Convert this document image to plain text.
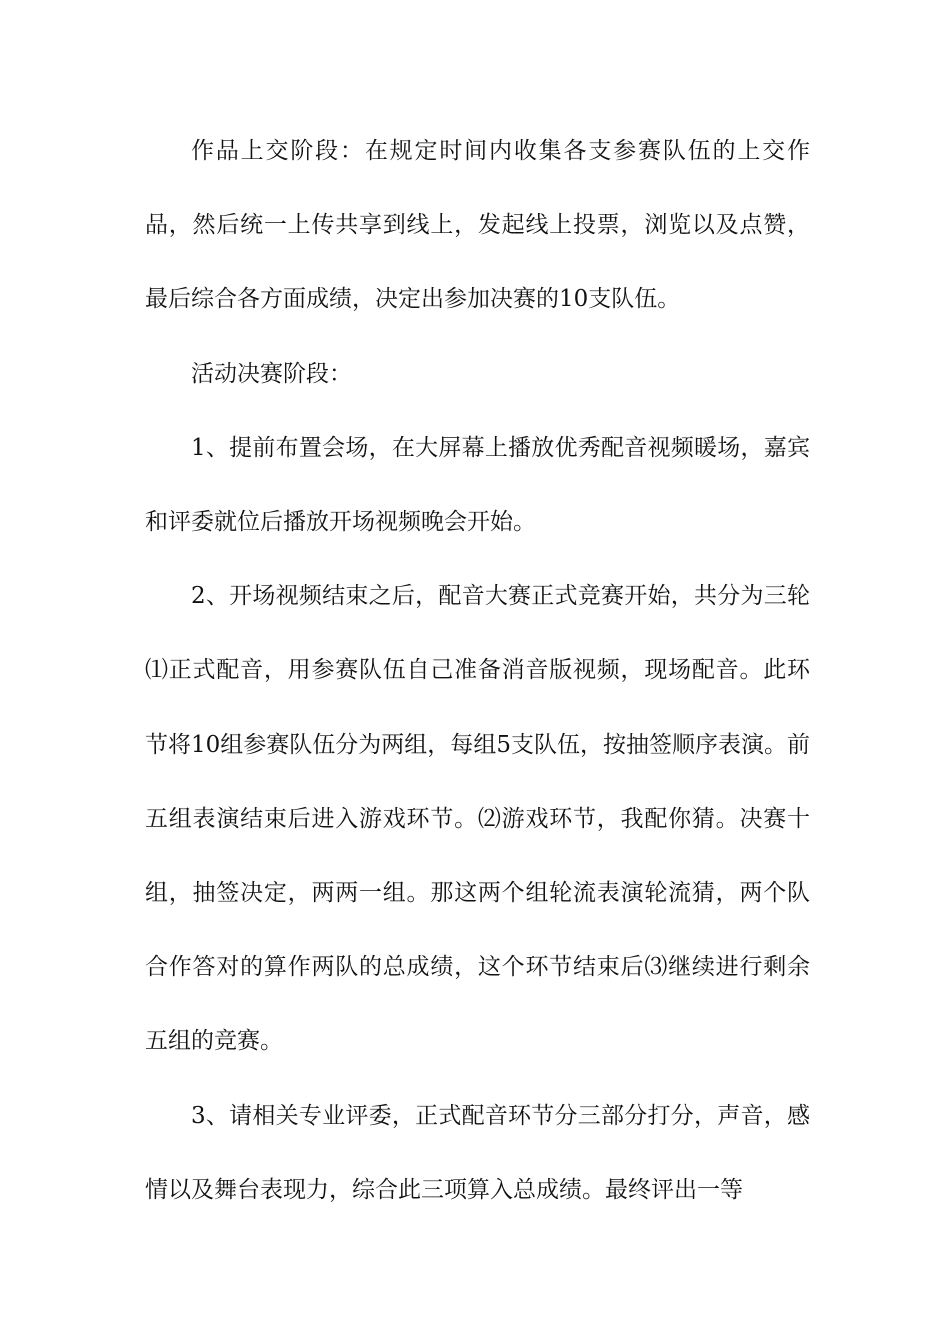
作品上交阶段：在规定时间内收集各支参赛队伍的上交作品，然后统一上传共享到线上，发起线上投票，浏览以及点赞，最后综合各方面成绩，决定出参加决赛的10支队伍。

活动决赛阶段：

1、提前布置会场，在大屏幕上播放优秀配音视频暖场，嘉宾和评委就位后播放开场视频晚会开始。

2、开场视频结束之后，配音大赛正式竞赛开始，共分为三轮 ⑴正式配音，用参赛队伍自己准备消音版视频，现场配音。此环节将10组参赛队伍分为两组，每组5支队伍，按抽签顺序表演。前五组表演结束后进入游戏环节。⑵游戏环节，我配你猜。决赛十组，抽签决定，两两一组。那这两个组轮流表演轮流猜，两个队合作答对的算作两队的总成绩，这个环节结束后⑶继续进行剩余五组的竞赛。

3、请相关专业评委，正式配音环节分三部分打分，声音，感情以及舞台表现力，综合此三项算入总成绩。最终评出一等
